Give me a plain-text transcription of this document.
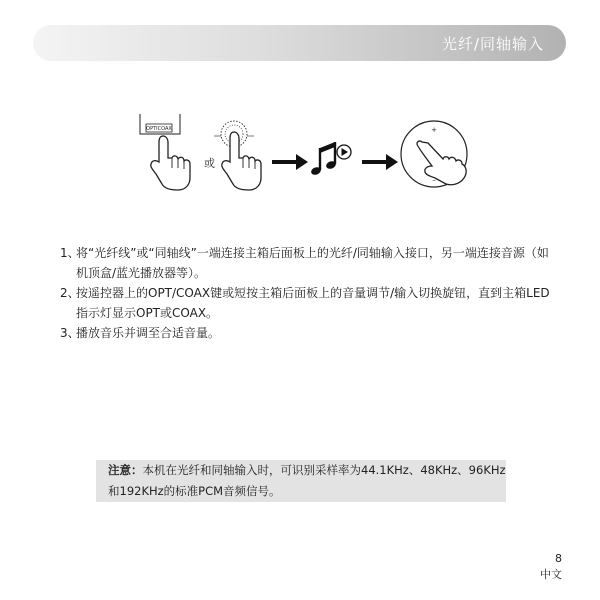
光纤/同轴输入
OPTICOAX
或
+
–
1、
将“光纤线”或“同轴线”一端连接主箱后面板上的光纤/同轴输入接口，另一端连接音源（如机顶盒/蓝光播放器等）。
2、
按遥控器上的OPT/COAX键或短按主箱后面板上的音量调节/输入切换旋钮，直到主箱LED指示灯显示OPT或COAX。
3、
播放音乐并调至合适音量。
注意：本机在光纤和同轴输入时，可识别采样率为44.1KHz、48KHz、96KHz和192KHz的标准PCM音频信号。
8
中文
